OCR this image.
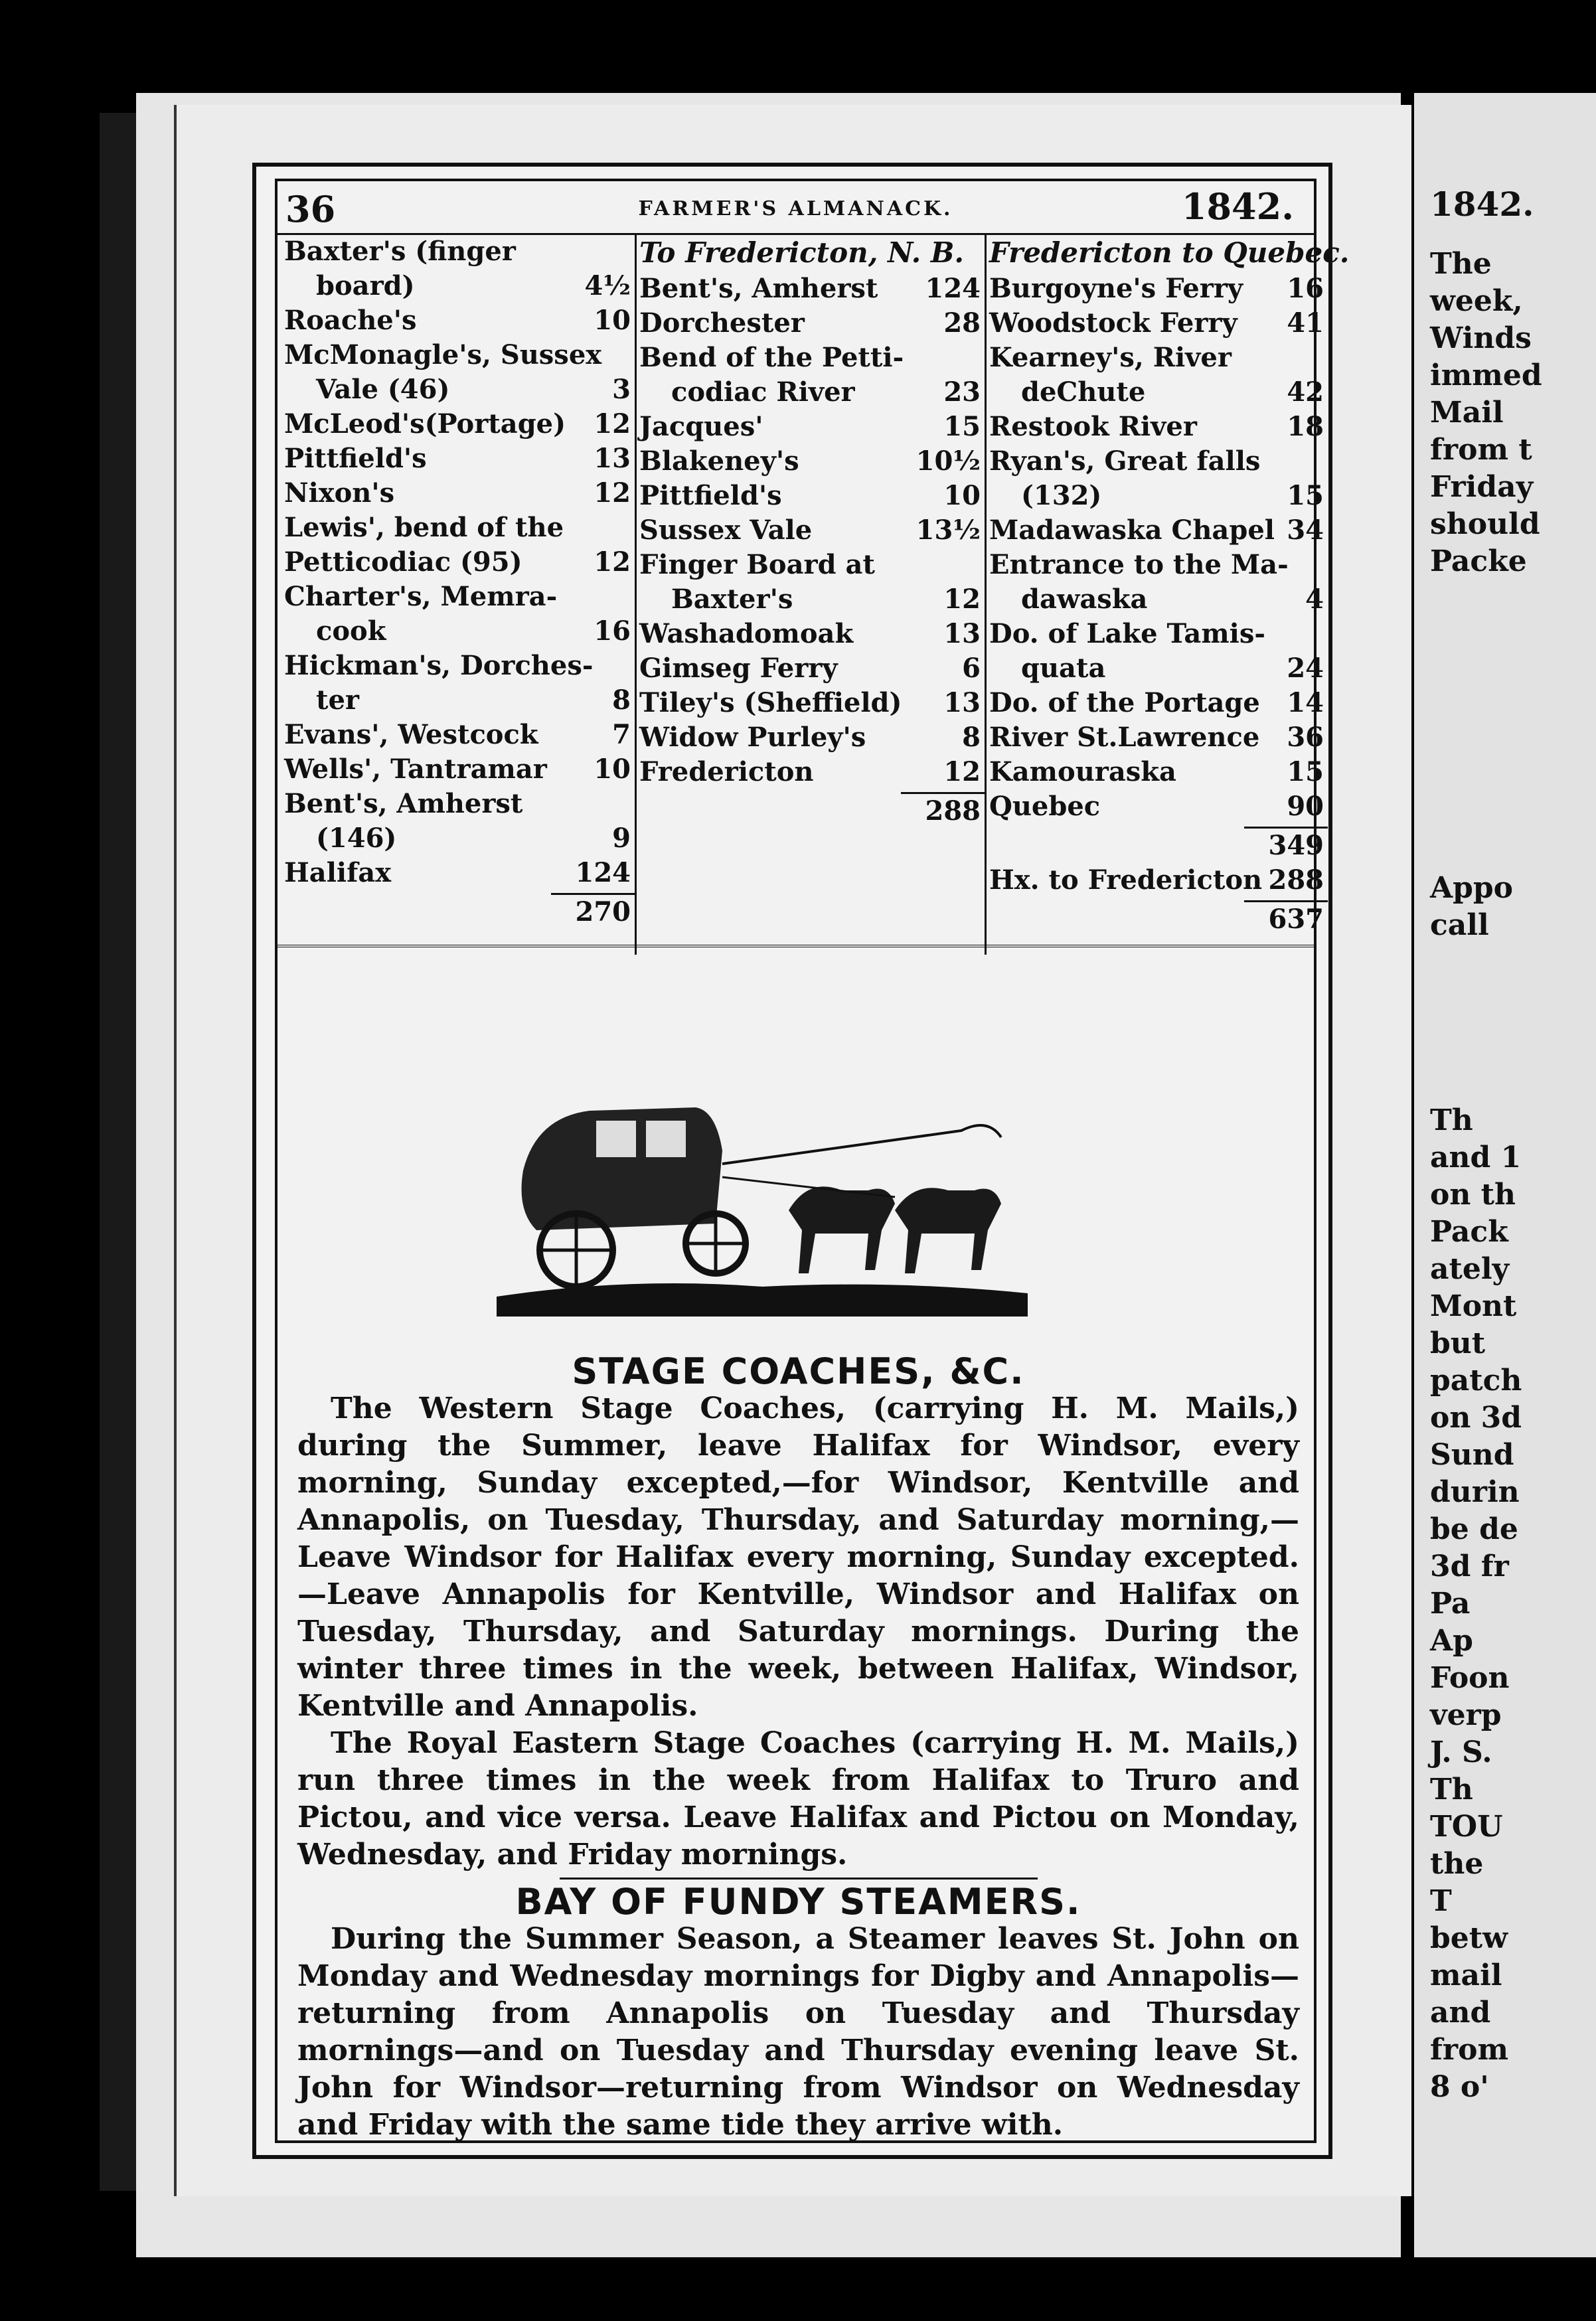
1842.
The
week,
Winds
immed
Mail
from t
Friday
should
Packe
Appo
call
Th
and 1
on th
Pack
ately
Mont
but
patch
on 3d
Sund
durin
be de
3d fr
Pa
Ap
Foon
verp
J. S.
Th
TOU
the
T
betw
mail
and
from
8 o'
36	FARMER'S ALMANACK.	1842.
Baxter's (finger
board)	4½
Roache's	10
McMonagle's, Sussex
Vale (46)	3
McLeod's(Portage) 12
Pittfield's	13
Nixon's	12
Lewis', bend of the
Petticodiac (95)	12
Charter's, Memra-
cook	16
Hickman's, Dorches-
ter	8
Evans', Westcock	7
Wells', Tantramar 10
Bent's, Amherst
(146)	9
Halifax	124
270
To Fredericton, N. B.
Bent's, Amherst 124
Dorchester	28
Bend of the Petti-
codiac River	23
Jacques'	15
Blakeney's	10½
Pittfield's	10
Sussex Vale	13½
Finger Board at
Baxter's	12
Washadomoak	13
Gimseg Ferry	6
Tiley's (Sheffield) 13
Widow Purley's	8
Fredericton	12
288
Fredericton to Quebec.
Burgoyne's Ferry 16
Woodstock Ferry 41
Kearney's, River
deChute	42
Restook River	18
Ryan's, Great falls
(132)	15
Madawaska Chapel 34
Entrance to the Ma-
dawaska	4
Do. of Lake Tamis-
quata	24
Do. of the Portage 14
River St.Lawrence 36
Kamouraska	15
Quebec	90
349
Hx. to Fredericton 288
637
STAGE COACHES, &C.

The Western Stage Coaches, (carrying H. M. Mails,) during the Summer, leave Halifax for Windsor, every morning, Sunday excepted,—for Windsor, Kentville and Annapolis, on Tuesday, Thursday, and Saturday morning,—Leave Windsor for Halifax every morning, Sunday excepted.—Leave Annapolis for Kentville, Windsor and Halifax on Tuesday, Thursday, and Saturday mornings. During the winter three times in the week, between Halifax, Windsor, Kentville and Annapolis.

The Royal Eastern Stage Coaches (carrying H. M. Mails,) run three times in the week from Halifax to Truro and Pictou, and vice versa. Leave Halifax and Pictou on Monday, Wednesday, and Friday mornings.

BAY OF FUNDY STEAMERS.

During the Summer Season, a Steamer leaves St. John on Monday and Wednesday mornings for Digby and Annapolis—returning from Annapolis on Tuesday and Thursday mornings—and on Tuesday and Thursday evening leave St. John for Windsor—returning from Windsor on Wednesday and Friday with the same tide they arrive with.
